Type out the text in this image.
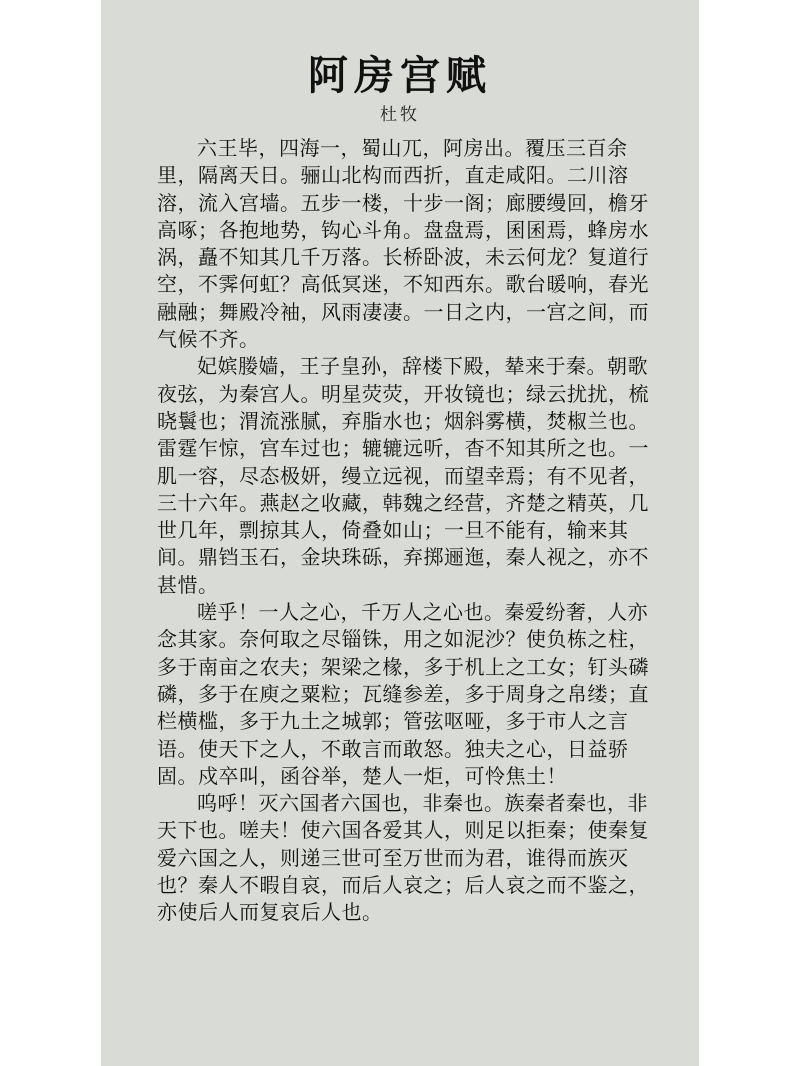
阿房宫赋
杜牧

六王毕，四海一，蜀山兀，阿房出。覆压三百余里，隔离天日。骊山北构而西折，直走咸阳。二川溶溶，流入宫墙。五步一楼，十步一阁；廊腰缦回，檐牙高啄；各抱地势，钩心斗角。盘盘焉，囷囷焉，蜂房水涡，矗不知其几千万落。长桥卧波，未云何龙？复道行空，不霁何虹？高低冥迷，不知西东。歌台暖响，春光融融；舞殿冷袖，风雨凄凄。一日之内，一宫之间，而气候不齐。

妃嫔媵嫱，王子皇孙，辞楼下殿，辇来于秦。朝歌夜弦，为秦宫人。明星荧荧，开妆镜也；绿云扰扰，梳晓鬟也；渭流涨腻，弃脂水也；烟斜雾横，焚椒兰也。雷霆乍惊，宫车过也；辘辘远听，杳不知其所之也。一肌一容，尽态极妍，缦立远视，而望幸焉；有不见者，三十六年。燕赵之收藏，韩魏之经营，齐楚之精英，几世几年，剽掠其人，倚叠如山；一旦不能有，输来其间。鼎铛玉石，金块珠砾，弃掷逦迤，秦人视之，亦不甚惜。

嗟乎！一人之心，千万人之心也。秦爱纷奢，人亦念其家。奈何取之尽锱铢，用之如泥沙？使负栋之柱，多于南亩之农夫；架梁之椽，多于机上之工女；钉头磷磷，多于在庾之粟粒；瓦缝参差，多于周身之帛缕；直栏横槛，多于九土之城郭；管弦呕哑，多于市人之言语。使天下之人，不敢言而敢怒。独夫之心，日益骄固。戍卒叫，函谷举，楚人一炬，可怜焦土！

呜呼！灭六国者六国也，非秦也。族秦者秦也，非天下也。嗟夫！使六国各爱其人，则足以拒秦；使秦复爱六国之人，则递三世可至万世而为君，谁得而族灭也？秦人不暇自哀，而后人哀之；后人哀之而不鉴之，亦使后人而复哀后人也。
